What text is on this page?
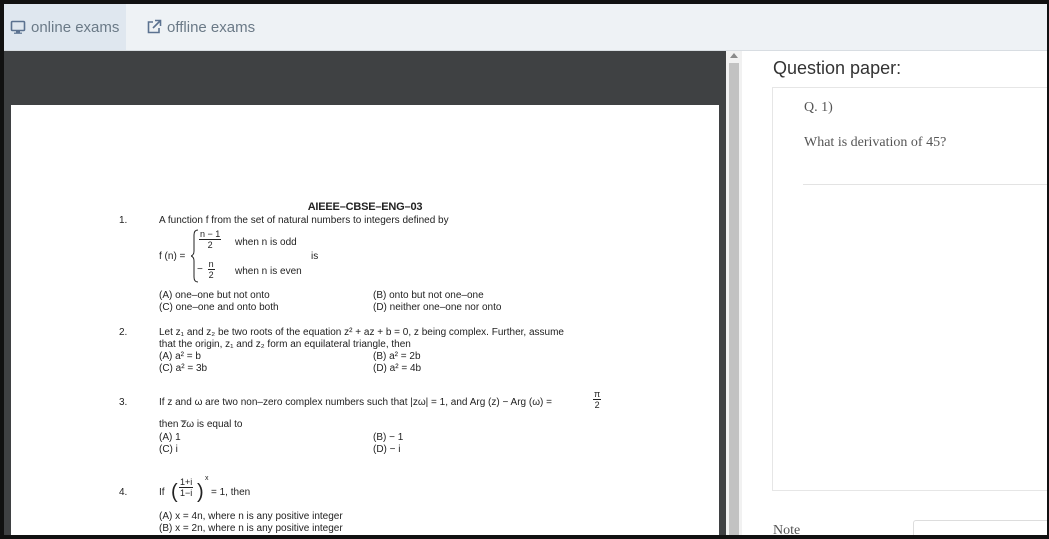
online exams	offline exams
AIEEE–CBSE–ENG–03
1.	A function f from the set of natural numbers to integers defined by
f (n) =
$\frac{n - 1}{2}$ when n is odd
− $\frac{n}{2}$ when n is even
is
(A) one–one but not onto	(B) onto but not one–one
(C) one–one and onto both	(D) neither one–one nor onto
2.	Let z₁ and z₂ be two roots of the equation z² + az + b = 0, z being complex. Further, assume
that the origin, z₁ and z₂ form an equilateral triangle, then
(A) a² = b	(B) a² = 2b
(C) a² = 3b	(D) a² = 4b
3.	If z and ω are two non–zero complex numbers such that |zω| = 1, and Arg (z) − Arg (ω) =	$\frac{\pi}{2}$
then z̅ω is equal to
(A) 1	(B) − 1
(C) i	(D) − i
4.	If ( $\frac{1+i}{1-i}$ )
x
= 1, then
(A) x = 4n, where n is any positive integer
(B) x = 2n, where n is any positive integer
Question paper:
Q. 1)
What is derivation of 45?
Note
